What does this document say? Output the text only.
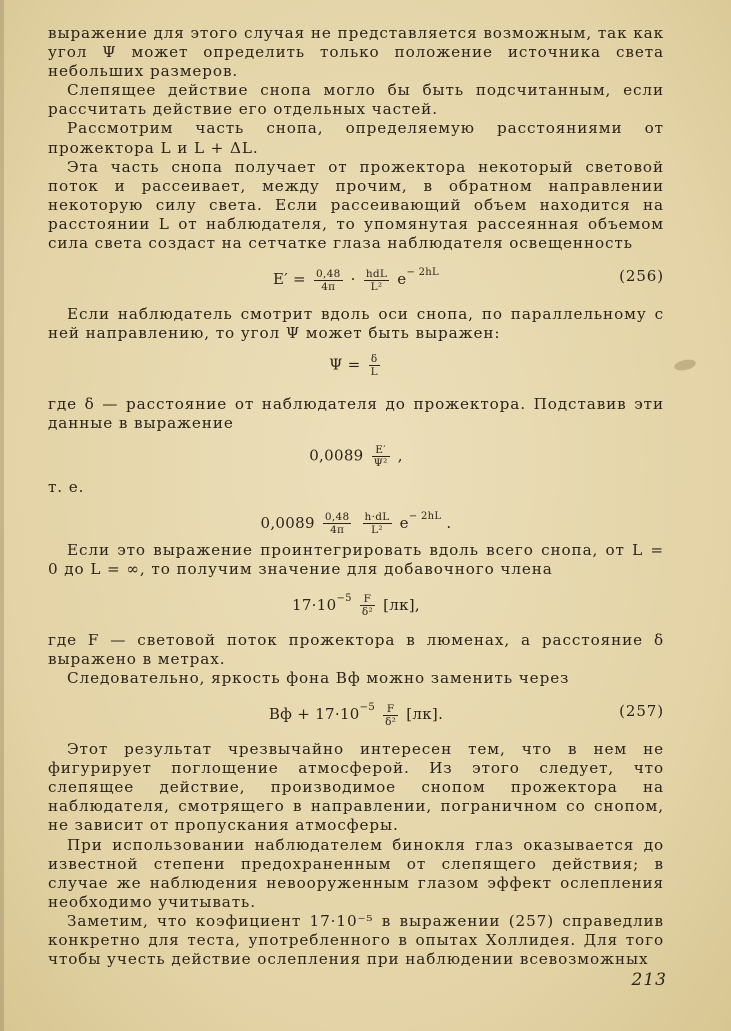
выражение для этого случая не представляется возможным, так как угол Ψ может определить только положение источника света небольших размеров.

Слепящее действие снопа могло бы быть подсчитанным, если рассчитать действие его отдельных частей.

Рассмотрим часть снопа, определяемую расстояниями от прожектора L и L + ΔL.

Эта часть снопа получает от прожектора некоторый световой поток и рассеивает, между прочим, в обратном направлении некоторую силу света. Если рассеивающий объем находится на расстоянии L от наблюдателя, то упомянутая рассеянная объемом сила света создаст на сетчатке глаза наблюдателя освещенность

$E' = \frac{0,48}{4\pi} \cdot \frac{\text{hdL}}{\text{L²}} e^{- 2hL}$	(256)

Если наблюдатель смотрит вдоль оси снопа, по параллельному с ней направлению, то угол Ψ может быть выражен:

$\Psi = \frac{\delta}{L}$

где δ — расстояние от наблюдателя до прожектора. Подставив эти данные в выражение

$0,0089 \frac{E'}{\text{Ψ²}}$ ,

т. е.

$0,0089 \frac{0,48}{4\pi}$
$\frac{h\cdot dL}{\text{L²}} e^{- 2hL}$ .

Если это выражение проинтегрировать вдоль всего снопа, от L = 0 до L = ∞, то получим значение для добавочного члена

$17\cdot 10^{-5} \frac{F}{\text{δ²}} [лк]$,

где F — световой поток прожектора в люменах, а расстояние δ выражено в метрах.

Следовательно, яркость фона Bф можно заменить через

Bф + $17\cdot 10^{-5} \frac{F}{\text{δ²}} [лк]$.	(257)

Этот результат чрезвычайно интересен тем, что в нем не фигурирует поглощение атмосферой. Из этого следует, что слепящее действие, производимое снопом прожектора на наблюдателя, смотрящего в направлении, пограничном со снопом, не зависит от пропускания атмосферы.

При использовании наблюдателем бинокля глаз оказывается до известной степени предохраненным от слепящего действия; в случае же наблюдения невооруженным глазом эффект ослепления необходимо учитывать.

Заметим, что коэфициент 17·10⁻⁵ в выражении (257) справедлив конкретно для теста, употребленного в опытах Холлидея. Для того чтобы учесть действие ослепления при наблюдении всевозможных

213
